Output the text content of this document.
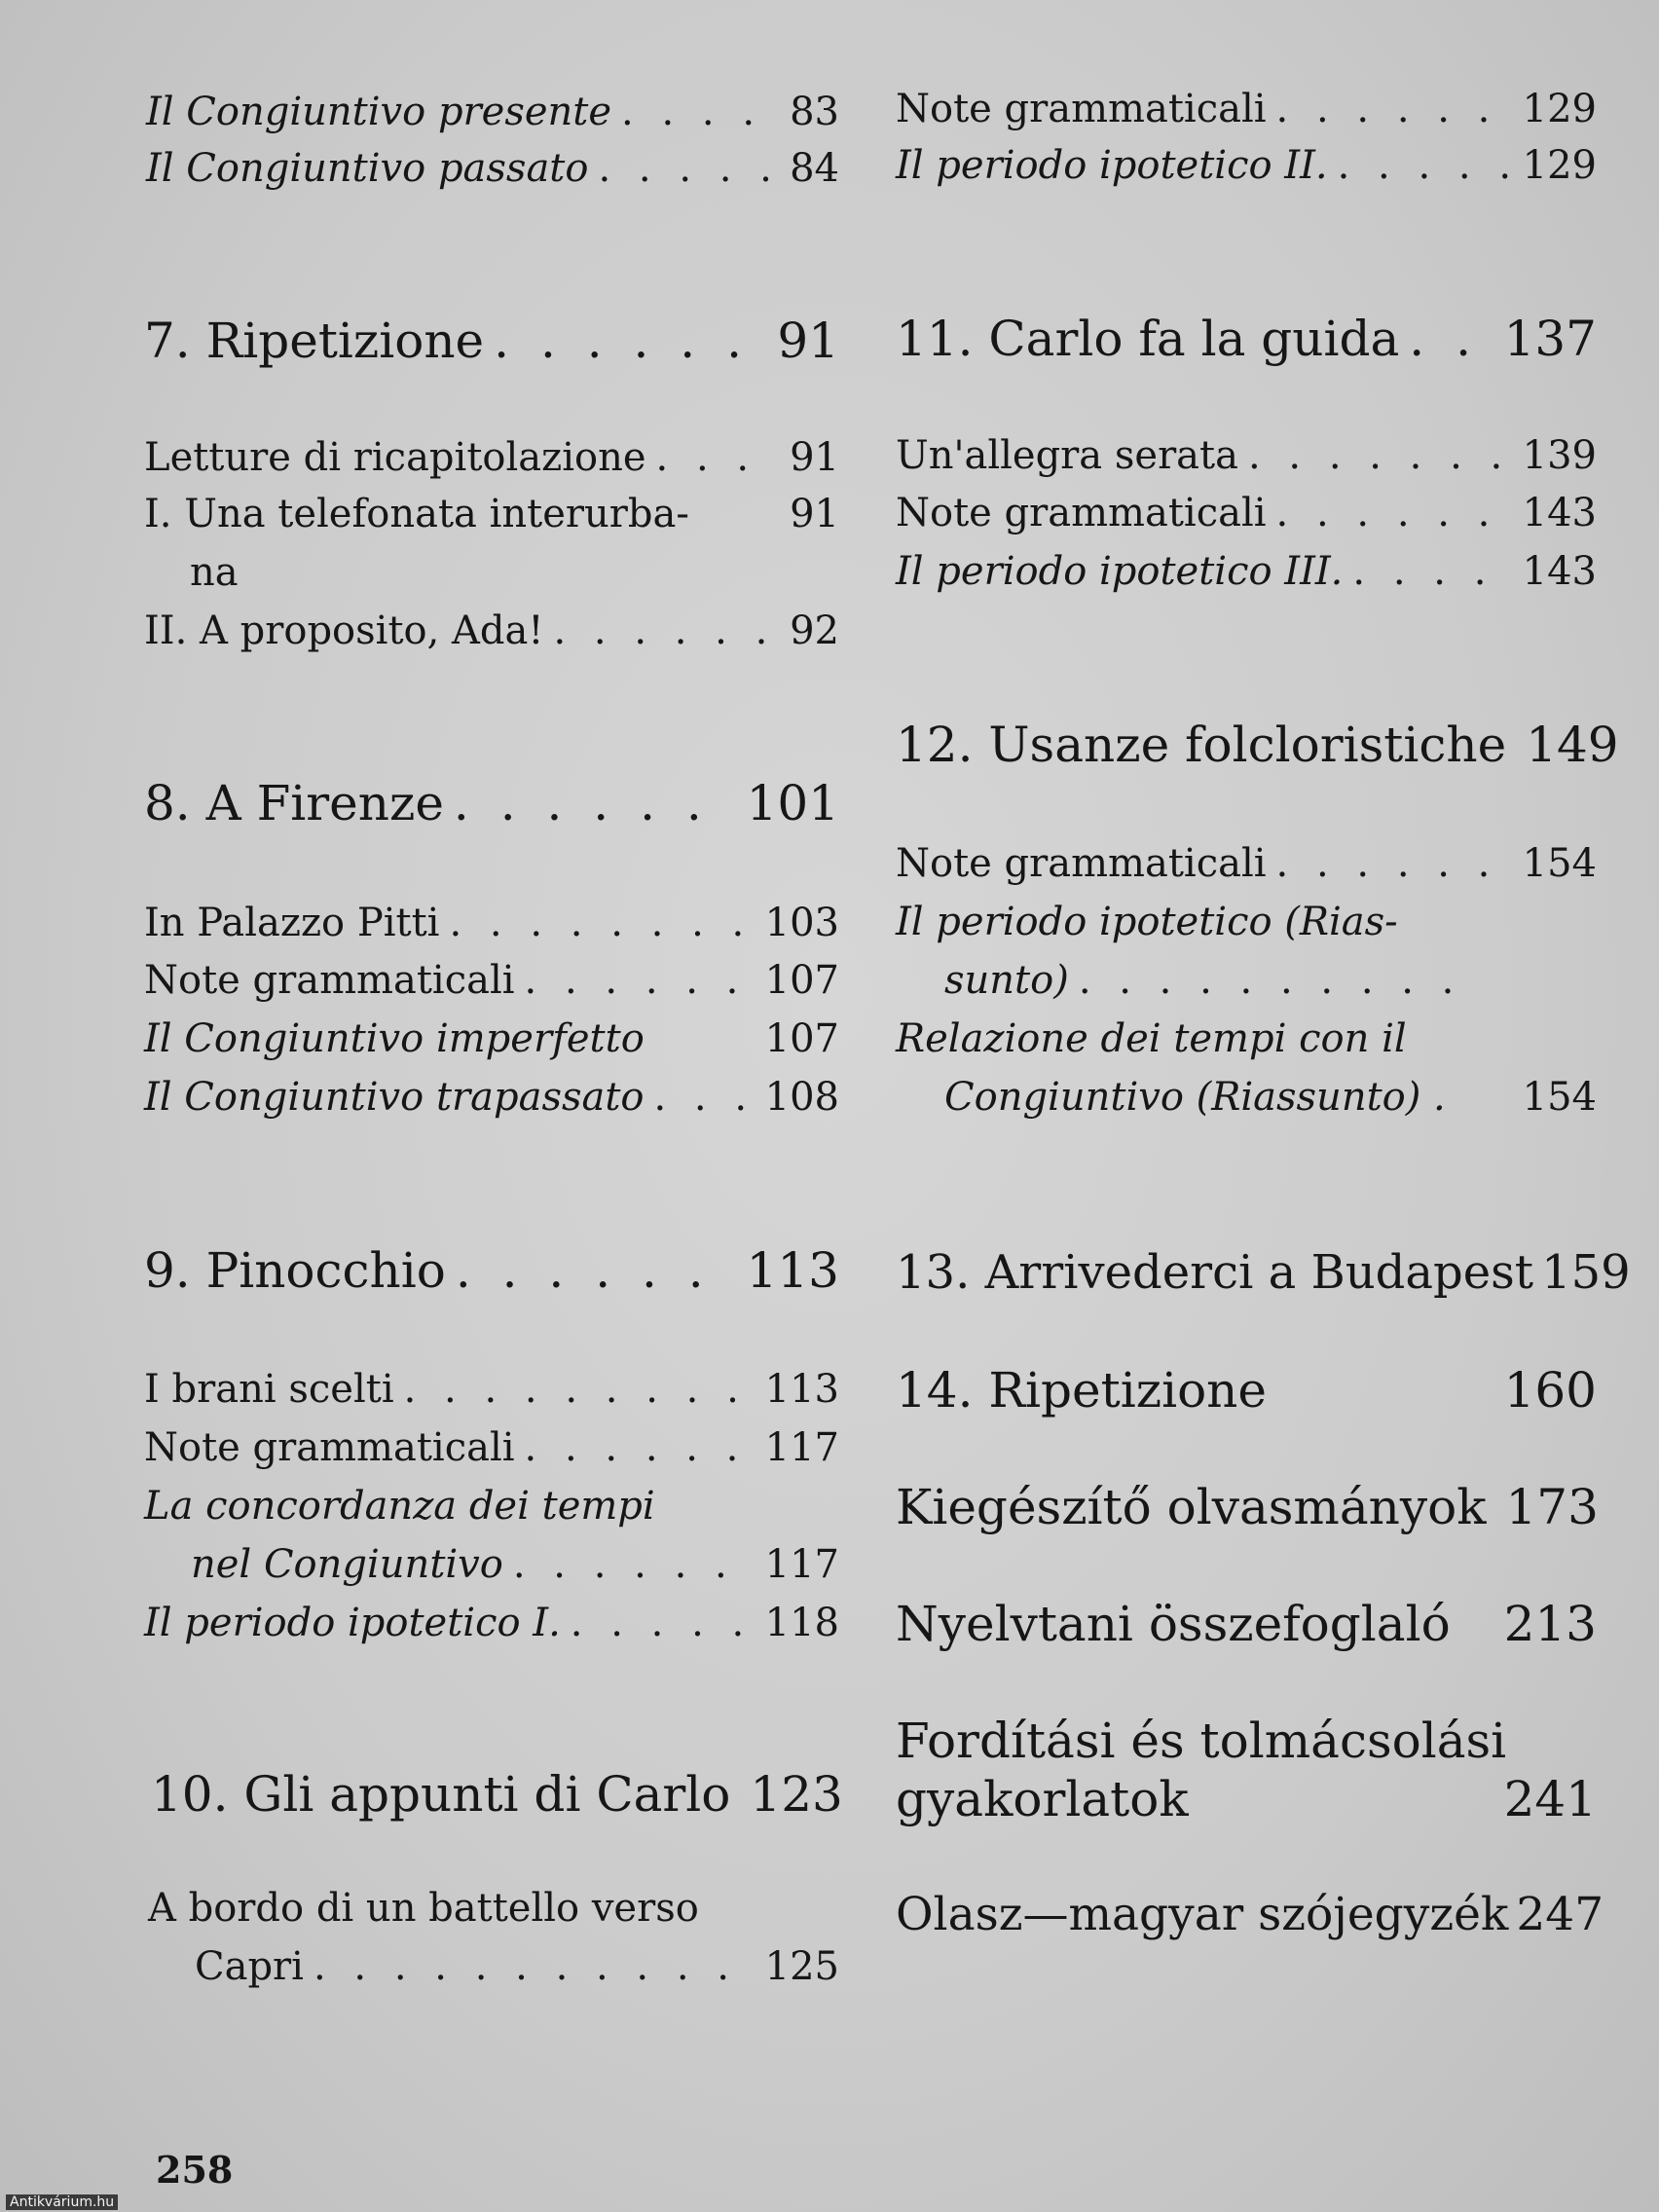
Il Congiuntivo presente . . .	83
Il Congiuntivo passato . . .	84
7. Ripetizione . . .	91
Letture di ricapitolazione . . .	91
I. Una telefonata interurba-	91
na
II. A proposito, Ada! . . .	92
8. A Firenze . . .	101
In Palazzo Pitti . . .	103
Note grammaticali . . .	107
Il Congiuntivo imperfetto	107
Il Congiuntivo trapassato . . .	108
9. Pinocchio . . .	113
I brani scelti . . .	113
Note grammaticali . . .	117
La concordanza dei tempi
nel Congiuntivo . . .	117
Il periodo ipotetico I. . . .	118
10. Gli appunti di Carlo 123
A bordo di un battello verso
Capri . . .	125
Note grammaticali . . .	129
Il periodo ipotetico II. . . .	129
11. Carlo fa la guida . . . 137
Un'allegra serata . . .	139
Note grammaticali . . .	143
Il periodo ipotetico III. . . .	143
12. Usanze folcloristiche 149
Note grammaticali . . .	154
Il periodo ipotetico (Rias-
sunto)
. . .
Relazione dei tempi con il
Congiuntivo (Riassunto) . 154
13. Arrivederci a Budapest 159
14. Ripetizione	160
Kiegészítő olvasmányok 173
Nyelvtani összefoglaló 213
Fordítási és tolmácsolási
gyakorlatok	241
Olasz—magyar szójegyzék 247
258
Antikvárium.hu
